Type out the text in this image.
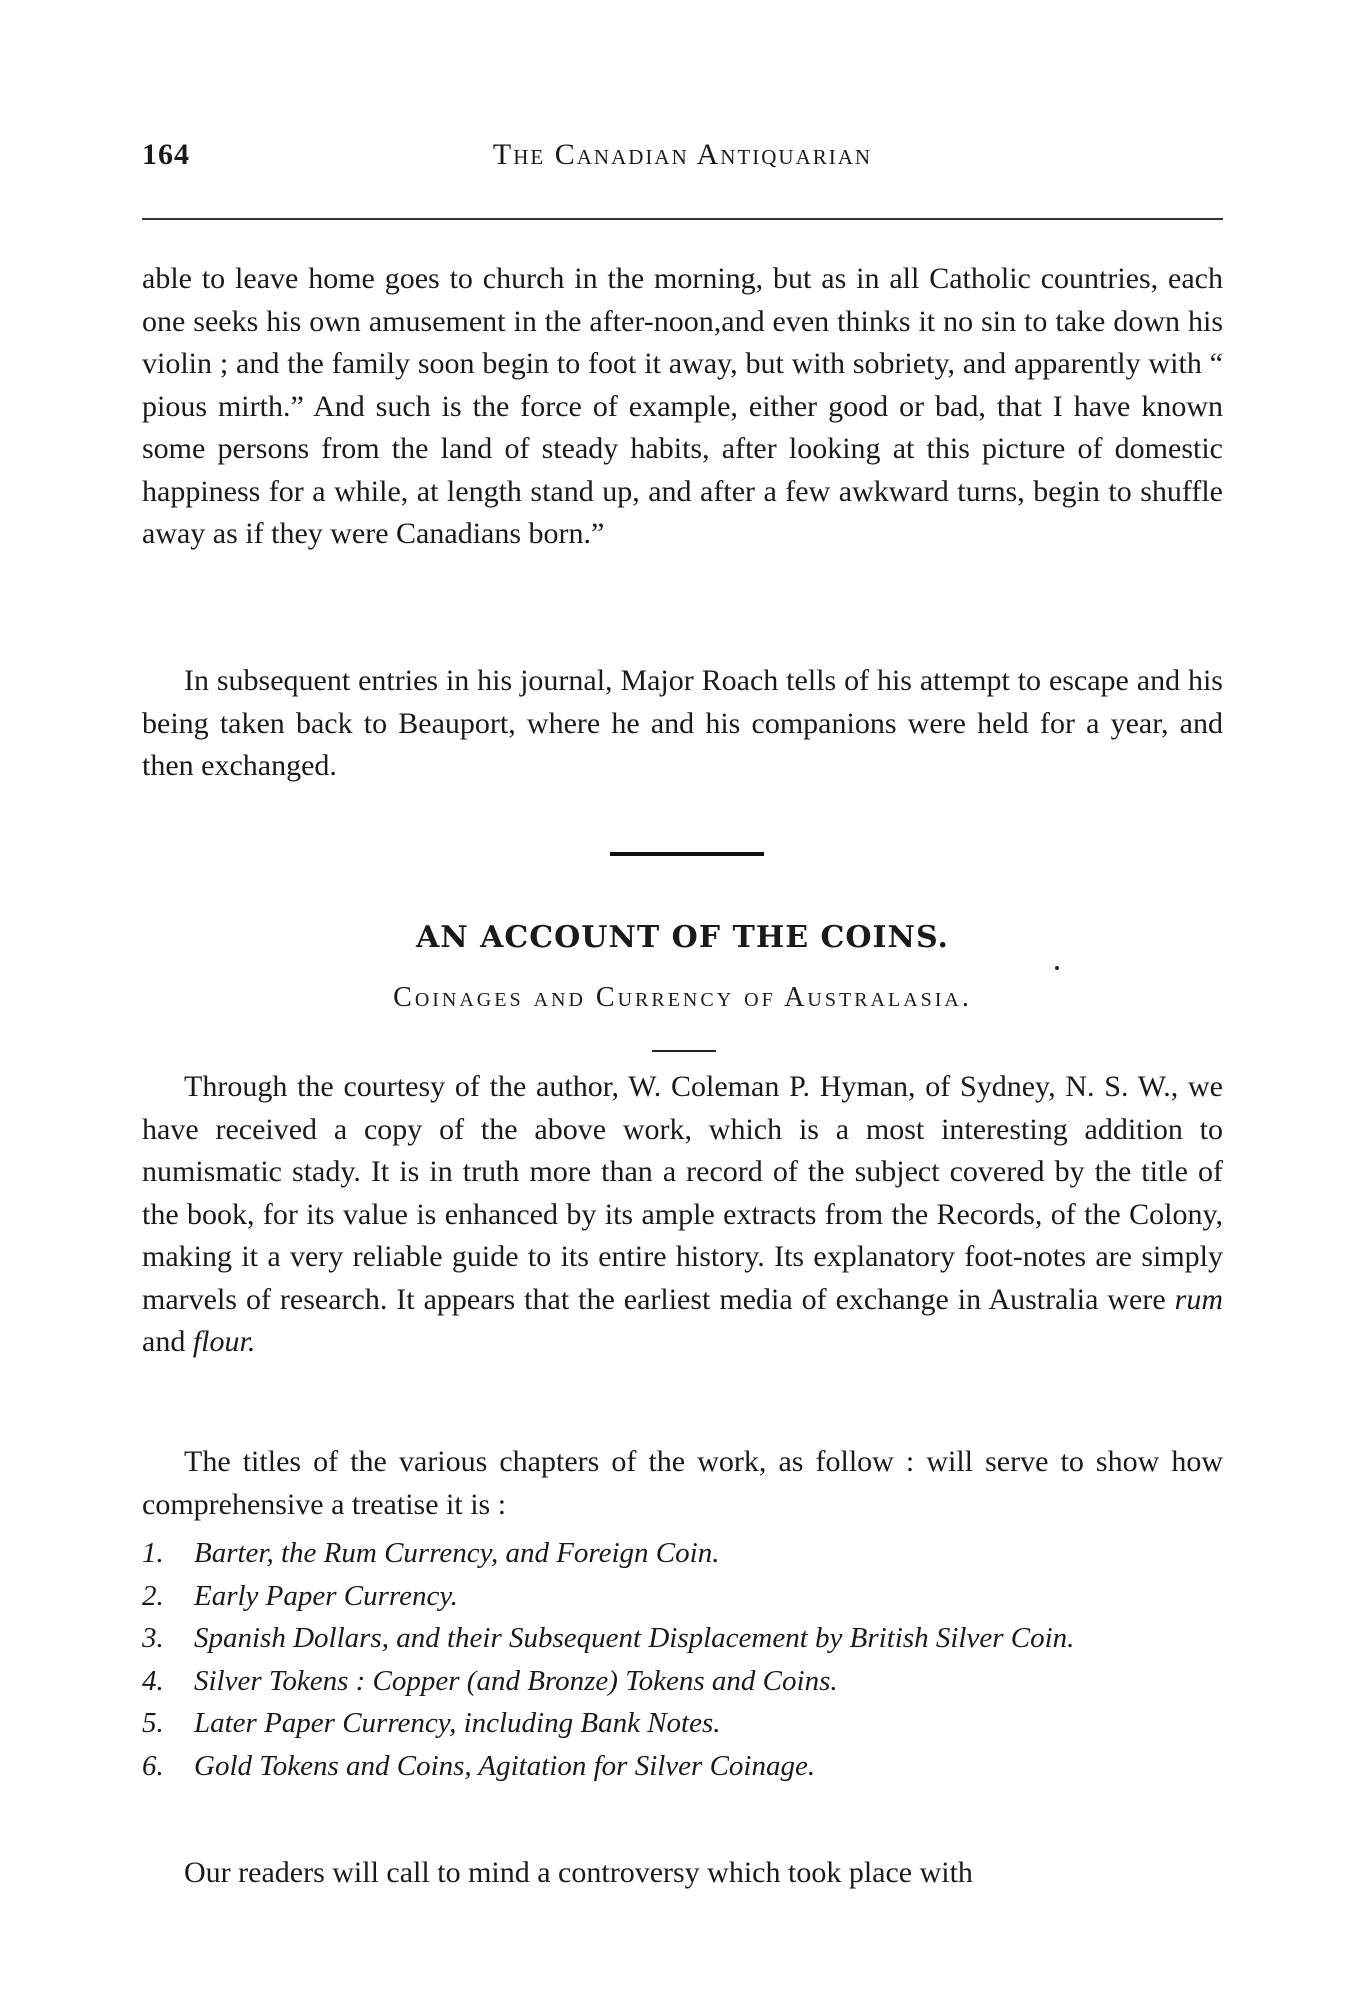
164	The Canadian Antiquarian

able to leave home goes to church in the morning, but as in all Catholic countries, each one seeks his own amusement in the after-noon,and even thinks it no sin to take down his violin ; and the family soon begin to foot it away, but with sobriety, and apparently with “ pious mirth.” And such is the force of example, either good or bad, that I have known some persons from the land of steady habits, after looking at this picture of domestic happiness for a while, at length stand up, and after a few awkward turns, begin to shuffle away as if they were Canadians born.”

In subsequent entries in his journal, Major Roach tells of his attempt to escape and his being taken back to Beauport, where he and his companions were held for a year, and then exchanged.

AN ACCOUNT OF THE COINS.
Coinages and Currency of Australasia.

Through the courtesy of the author, W. Coleman P. Hyman, of Sydney, N. S. W., we have received a copy of the above work, which is a most interesting addition to numismatic stady. It is in truth more than a record of the subject covered by the title of the book, for its value is enhanced by its ample extracts from the Records, of the Colony, making it a very reliable guide to its entire history. Its explanatory foot-notes are simply marvels of research. It appears that the earliest media of exchange in Australia were rum and flour.

The titles of the various chapters of the work, as follow : will serve to show how comprehensive a treatise it is :

1. Barter, the Rum Currency, and Foreign Coin.
2. Early Paper Currency.
3. Spanish Dollars, and their Subsequent Displacement by British Silver Coin.
4. Silver Tokens : Copper (and Bronze) Tokens and Coins.
5. Later Paper Currency, including Bank Notes.
6. Gold Tokens and Coins, Agitation for Silver Coinage.

Our readers will call to mind a controversy which took place with
